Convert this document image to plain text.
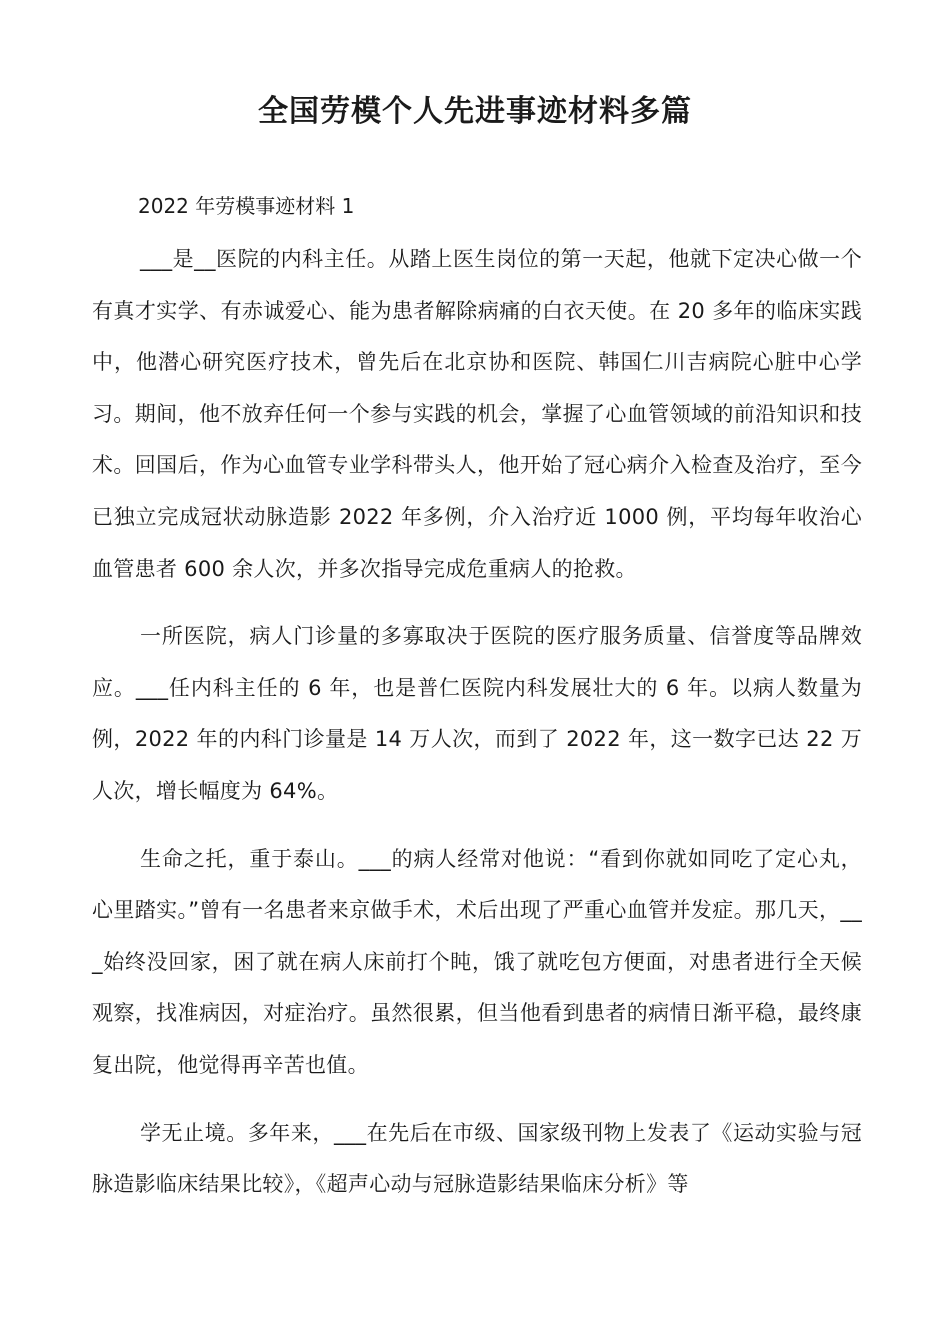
全国劳模个人先进事迹材料多篇

2022 年劳模事迹材料 1

___是__医院的内科主任。从踏上医生岗位的第一天起，他就下定决心做一个有真才实学、有赤诚爱心、能为患者解除病痛的白衣天使。在 20 多年的临床实践中，他潜心研究医疗技术，曾先后在北京协和医院、韩国仁川吉病院心脏中心学习。期间，他不放弃任何一个参与实践的机会，掌握了心血管领域的前沿知识和技术。回国后，作为心血管专业学科带头人，他开始了冠心病介入检查及治疗，至今已独立完成冠状动脉造影 2022 年多例，介入治疗近 1000 例，平均每年收治心血管患者 600 余人次，并多次指导完成危重病人的抢救。

一所医院，病人门诊量的多寡取决于医院的医疗服务质量、信誉度等品牌效应。___任内科主任的 6 年，也是普仁医院内科发展壮大的 6 年。以病人数量为例，2022 年的内科门诊量是 14 万人次，而到了 2022 年，这一数字已达 22 万人次，增长幅度为 64%。

生命之托，重于泰山。___的病人经常对他说：“看到你就如同吃了定心丸，心里踏实。”曾有一名患者来京做手术，术后出现了严重心血管并发症。那几天，___始终没回家，困了就在病人床前打个盹，饿了就吃包方便面，对患者进行全天候观察，找准病因，对症治疗。虽然很累，但当他看到患者的病情日渐平稳，最终康复出院，他觉得再辛苦也值。

学无止境。多年来，___在先后在市级、国家级刊物上发表了《运动实验与冠脉造影临床结果比较》，《超声心动与冠脉造影结果临床分析》等
